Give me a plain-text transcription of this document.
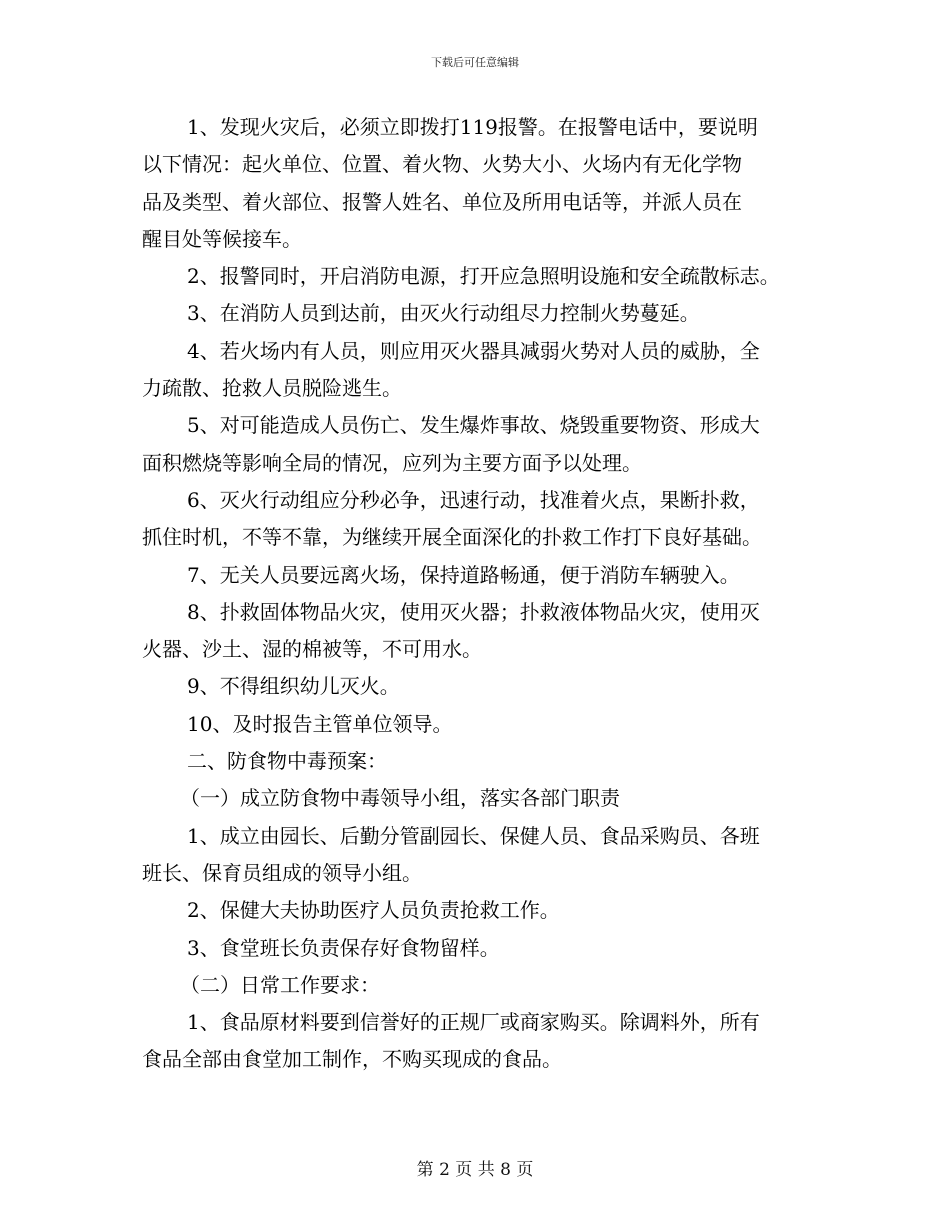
下载后可任意编辑
1、发现火灾后，必须立即拨打119报警。在报警电话中，要说明
以下情况：起火单位、位置、着火物、火势大小、火场内有无化学物
品及类型、着火部位、报警人姓名、单位及所用电话等，并派人员在
醒目处等候接车。
2、报警同时，开启消防电源，打开应急照明设施和安全疏散标志。
3、在消防人员到达前，由灭火行动组尽力控制火势蔓延。
4、若火场内有人员，则应用灭火器具减弱火势对人员的威胁，全
力疏散、抢救人员脱险逃生。
5、对可能造成人员伤亡、发生爆炸事故、烧毁重要物资、形成大
面积燃烧等影响全局的情况，应列为主要方面予以处理。
6、灭火行动组应分秒必争，迅速行动，找准着火点，果断扑救，
抓住时机，不等不靠，为继续开展全面深化的扑救工作打下良好基础。
7、无关人员要远离火场，保持道路畅通，便于消防车辆驶入。
8、扑救固体物品火灾，使用灭火器；扑救液体物品火灾，使用灭
火器、沙土、湿的棉被等，不可用水。
9、不得组织幼儿灭火。
10、及时报告主管单位领导。
二、防食物中毒预案：
（一）成立防食物中毒领导小组，落实各部门职责
1、成立由园长、后勤分管副园长、保健人员、食品采购员、各班
班长、保育员组成的领导小组。
2、保健大夫协助医疗人员负责抢救工作。
3、食堂班长负责保存好食物留样。
（二）日常工作要求：
1、食品原材料要到信誉好的正规厂或商家购买。除调料外，所有
食品全部由食堂加工制作，不购买现成的食品。
第 2 页 共 8 页
